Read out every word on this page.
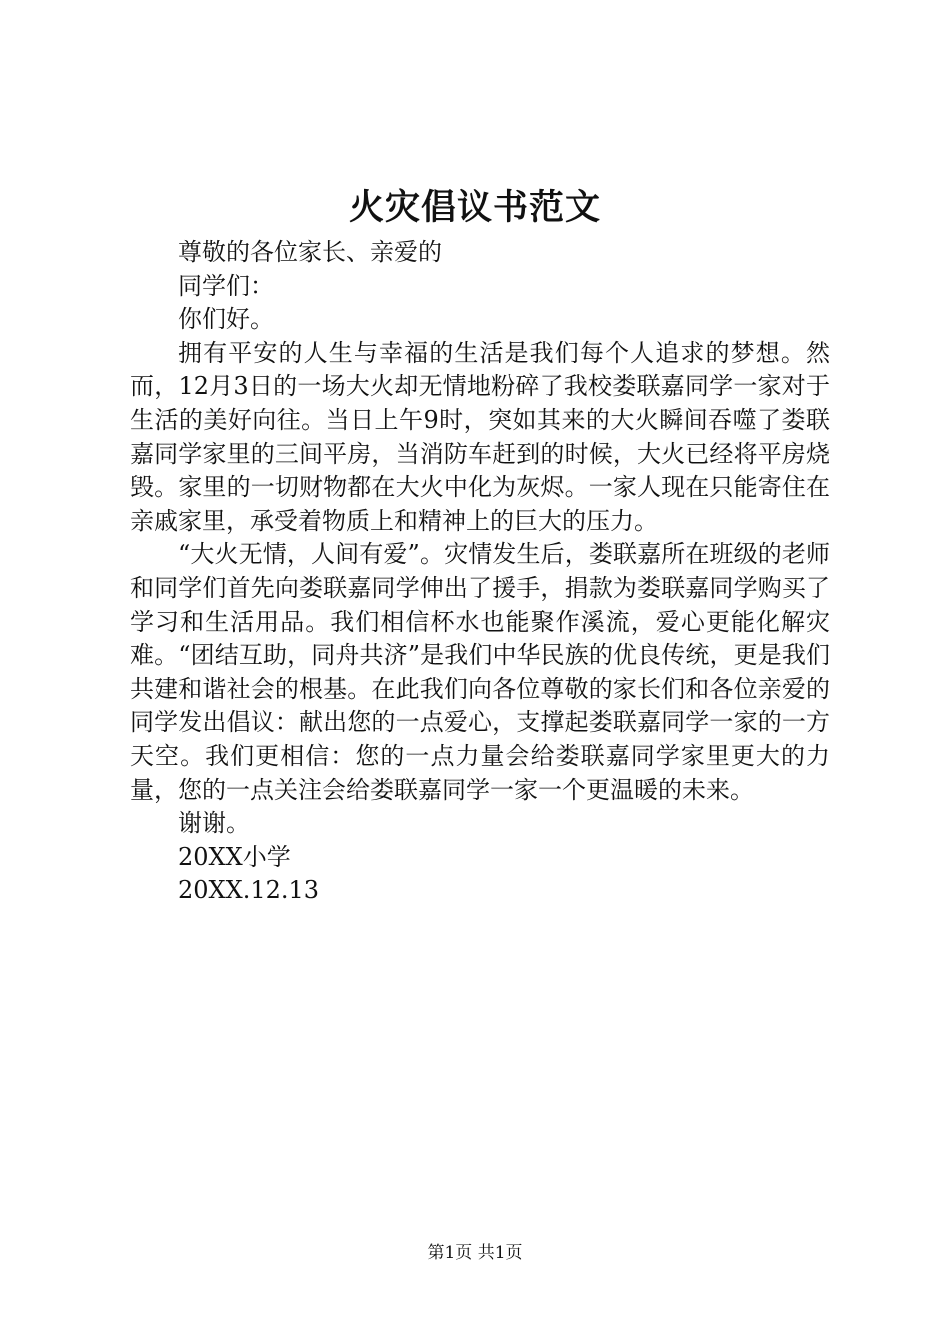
火灾倡议书范文

尊敬的各位家长、亲爱的

同学们：

你们好。

拥有平安的人生与幸福的生活是我们每个人追求的梦想。然而，12月3日的一场大火却无情地粉碎了我校娄联嘉同学一家对于生活的美好向往。当日上午9时，突如其来的大火瞬间吞噬了娄联嘉同学家里的三间平房，当消防车赶到的时候，大火已经将平房烧毁。家里的一切财物都在大火中化为灰烬。一家人现在只能寄住在亲戚家里，承受着物质上和精神上的巨大的压力。

“大火无情，人间有爱”。灾情发生后，娄联嘉所在班级的老师和同学们首先向娄联嘉同学伸出了援手，捐款为娄联嘉同学购买了学习和生活用品。我们相信杯水也能聚作溪流，爱心更能化解灾难。“团结互助，同舟共济”是我们中华民族的优良传统，更是我们共建和谐社会的根基。在此我们向各位尊敬的家长们和各位亲爱的同学发出倡议：献出您的一点爱心，支撑起娄联嘉同学一家的一方天空。我们更相信：您的一点力量会给娄联嘉同学家里更大的力量，您的一点关注会给娄联嘉同学一家一个更温暖的未来。

谢谢。

20XX小学

20XX.12.13

第1页 共1页
